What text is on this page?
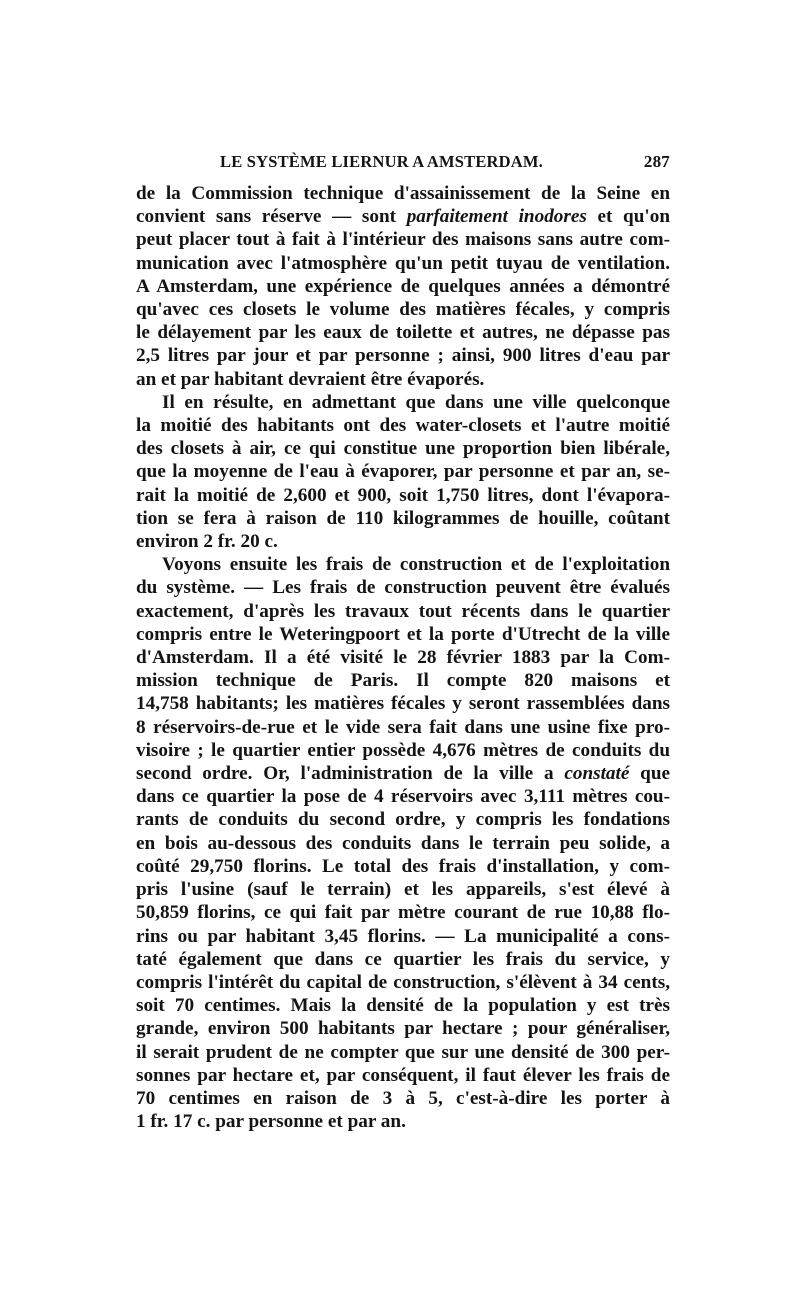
LE SYSTÈME LIERNUR A AMSTERDAM.	287

de la Commission technique d'assainissement de la Seine en
convient sans réserve — sont parfaitement inodores et qu'on
peut placer tout à fait à l'intérieur des maisons sans autre com-
munication avec l'atmosphère qu'un petit tuyau de ventilation.
A Amsterdam, une expérience de quelques années a démontré
qu'avec ces closets le volume des matières fécales, y compris
le délayement par les eaux de toilette et autres, ne dépasse pas
2,5 litres par jour et par personne ; ainsi, 900 litres d'eau par
an et par habitant devraient être évaporés.

Il en résulte, en admettant que dans une ville quelconque
la moitié des habitants ont des water-closets et l'autre moitié
des closets à air, ce qui constitue une proportion bien libérale,
que la moyenne de l'eau à évaporer, par personne et par an, se-
rait la moitié de 2,600 et 900, soit 1,750 litres, dont l'évapora-
tion se fera à raison de 110 kilogrammes de houille, coûtant
environ 2 fr. 20 c.

Voyons ensuite les frais de construction et de l'exploitation
du système. — Les frais de construction peuvent être évalués
exactement, d'après les travaux tout récents dans le quartier
compris entre le Weteringpoort et la porte d'Utrecht de la ville
d'Amsterdam. Il a été visité le 28 février 1883 par la Com-
mission technique de Paris. Il compte 820 maisons et
14,758 habitants; les matières fécales y seront rassemblées dans
8 réservoirs-de-rue et le vide sera fait dans une usine fixe pro-
visoire ; le quartier entier possède 4,676 mètres de conduits du
second ordre. Or, l'administration de la ville a constaté que
dans ce quartier la pose de 4 réservoirs avec 3,111 mètres cou-
rants de conduits du second ordre, y compris les fondations
en bois au-dessous des conduits dans le terrain peu solide, a
coûté 29,750 florins. Le total des frais d'installation, y com-
pris l'usine (sauf le terrain) et les appareils, s'est élevé à
50,859 florins, ce qui fait par mètre courant de rue 10,88 flo-
rins ou par habitant 3,45 florins. — La municipalité a cons-
taté également que dans ce quartier les frais du service, y
compris l'intérêt du capital de construction, s'élèvent à 34 cents,
soit 70 centimes. Mais la densité de la population y est très
grande, environ 500 habitants par hectare ; pour généraliser,
il serait prudent de ne compter que sur une densité de 300 per-
sonnes par hectare et, par conséquent, il faut élever les frais de
70 centimes en raison de 3 à 5, c'est-à-dire les porter à
1 fr. 17 c. par personne et par an.
